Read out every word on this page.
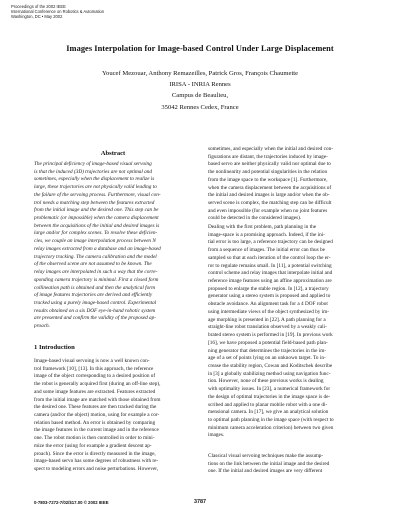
Proceedings of the 2002 IEEE
International Conference on Robotics & Automation
Washington, DC • May 2002
Images Interpolation for Image-based Control Under Large Displacement
Youcef Mezouar, Anthony Remazeilles, Patrick Gros, François Chaumette
IRISA - INRIA Rennes
Campus de Beaulieu,
35042 Rennes Cedex, France
Abstract
The principal deficiency of image-based visual servoing
is that the induced (3D) trajectories are not optimal and
sometimes, especially when the displacement to realize is
large, these trajectories are not physically valid leading to
the failure of the servoing process. Furthermore, visual con-
trol needs a matching step between the features extracted
from the initial image and the desired one. This step can be
problematic (or impossible) when the camera displacement
between the acquisitions of the initial and desired images is
large and/or for complex scenes. To resolve these deficien-
cies, we couple an image interpolation process between N
relay images extracted from a database and an image-based
trajectory tracking. The camera calibration and the model
of the observed scene are not assumed to be known. The
relay images are interpolated in such a way that the corre-
sponding camera trajectory is minimal. First a closed form
collineation path is obtained and then the analytical form
of image features trajectories are derived and efficiently
tracked using a purely image-based control. Experimental
results obtained on a six DOF eye-in-hand robotic system
are presented and confirm the validity of the proposed ap-
proach.
1 Introduction
Image-based visual servoing is now a well known con-
trol framework [10], [13]. In this approach, the reference
image of the object corresponding to a desired position of
the robot is generally acquired first (during an off-line step),
and some image features are extracted. Features extracted
from the initial image are matched with those obtained from
the desired one. These features are then tracked during the
camera (and/or the object) motion, using for example a cor-
relation based method. An error is obtained by comparing
the image features in the current image and in the reference
one. The robot motion is then controlled in order to mini-
mize the error (using for example a gradient descent ap-
proach). Since the error is directly measured in the image,
image-based servo has some degrees of robustness with re-
spect to modeling errors and noise perturbations. However,
sometimes, and especially when the initial and desired con-
figurations are distant, the trajectories induced by image-
based servo are neither physically valid nor optimal due to
the nonlinearity and potential singularities in the relation
from the image space to the workspace [1]. Furthermore,
when the camera displacement between the acquisitions of
the initial and desired images is large and/or when the ob-
served scene is complex, the matching step can be difficult
and even impossible (for example when no joint features
could be detected in the considered images).
Dealing with the first problem, path planning in the
image-space is a promising approach. Indeed, if the ini-
tial error is too large, a reference trajectory can be designed
from a sequence of images. The initial error can thus be
sampled so that at each iteration of the control loop the er-
ror to regulate remains small. In [11], a potential switching
control scheme and relay images that interpolate initial and
reference image features using an affine approximation are
proposed to enlarge the stable region. In [12], a trajectory
generator using a stereo system is proposed and applied to
obstacle avoidance. An alignment task for a 4 DOF robot
using intermediate views of the object synthesized by im-
age morphing is presented in [22]. A path planning for a
straight-line robot translation observed by a weakly cali-
brated stereo system is performed in [19]. In previous work
[16], we have proposed a potential field-based path plan-
ning generator that determines the trajectories in the im-
age of a set of points lying on an unknown target. To in-
crease the stability region, Cowan and Koditschek describe
in [3] a globally stabilizing method using navigation func-
tion. However, none of these previous works is dealing
with optimality issues. In [23], a numerical framework for
the design of optimal trajectories in the image space is de-
scribed and applied to planar mobile robot with a one di-
mensional camera. In [17], we give an analytical solution
to optimal path planning in the image space (with respect to
minimum camera acceleration criterion) between two given
images.
Classical visual servoing techniques make the assump-
tions on the link between the initial image and the desired
one. If the initial and desired images are very different
0-7803-7272-7/02/$17.00 © 2002 IEEE	3787
